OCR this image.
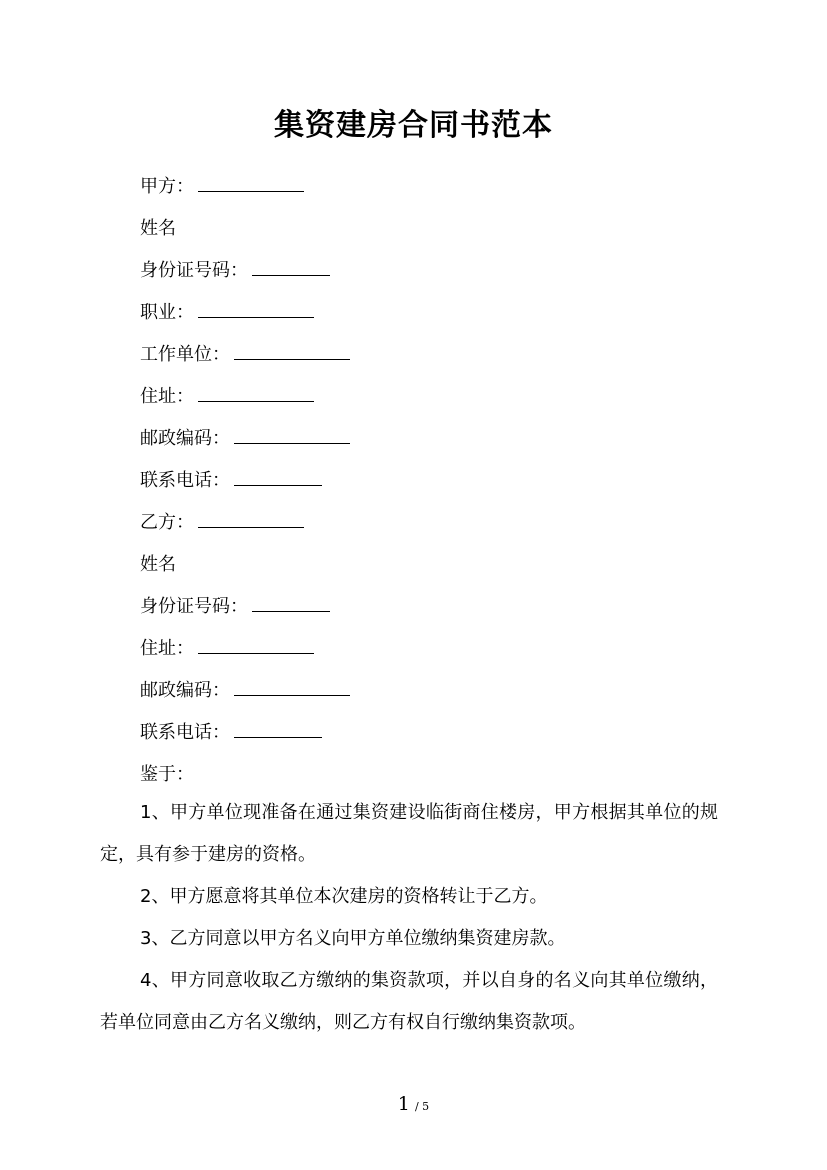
集资建房合同书范本
甲方：
姓名
身份证号码：
职业：
工作单位：
住址：
邮政编码：
联系电话：
乙方：
姓名
身份证号码：
住址：
邮政编码：
联系电话：
鉴于：

1、甲方单位现准备在通过集资建设临街商住楼房，甲方根据其单位的规定，具有参于建房的资格。

2、甲方愿意将其单位本次建房的资格转让于乙方。

3、乙方同意以甲方名义向甲方单位缴纳集资建房款。

4、甲方同意收取乙方缴纳的集资款项，并以自身的名义向其单位缴纳，若单位同意由乙方名义缴纳，则乙方有权自行缴纳集资款项。

1 / 5
